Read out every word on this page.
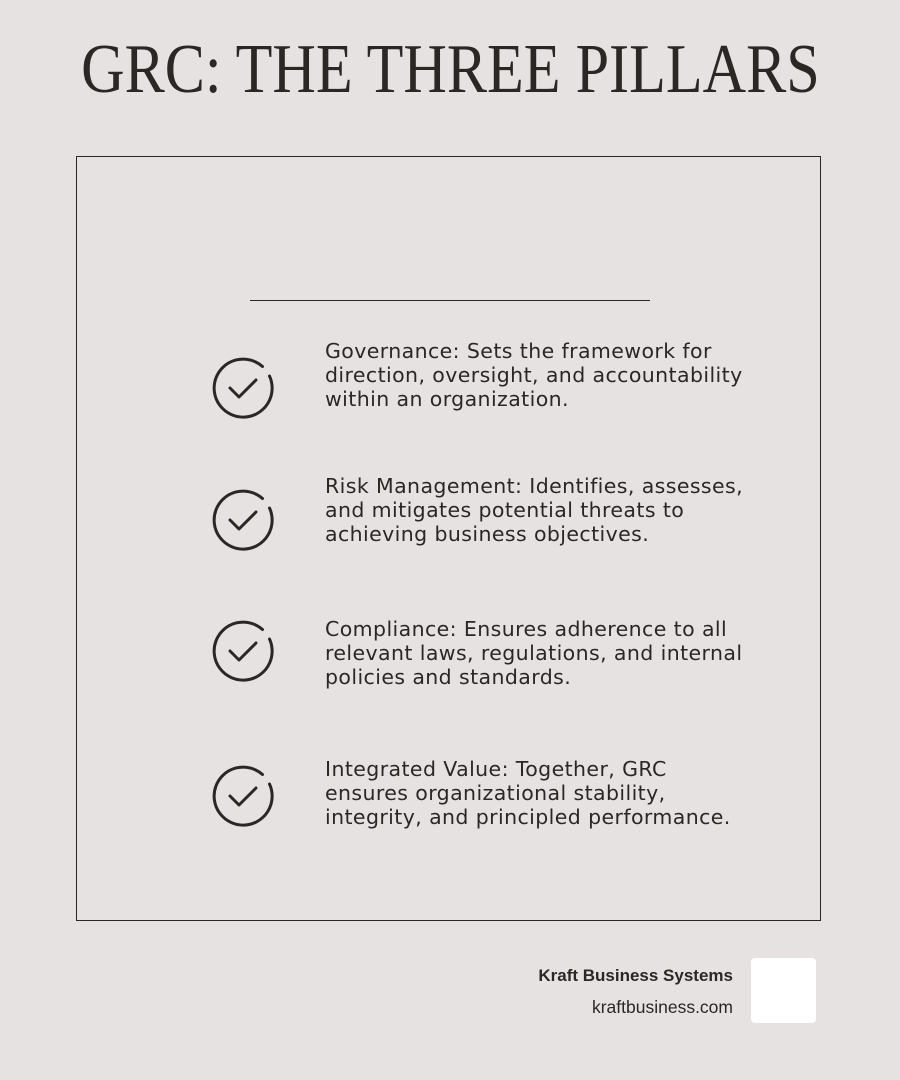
GRC: THE THREE PILLARS
Governance: Sets the framework for direction, oversight, and accountability within an organization.
Risk Management: Identifies, assesses, and mitigates potential threats to achieving business objectives.
Compliance: Ensures adherence to all relevant laws, regulations, and internal policies and standards.
Integrated Value: Together, GRC ensures organizational stability, integrity, and principled performance.
Kraft Business Systems
kraftbusiness.com
